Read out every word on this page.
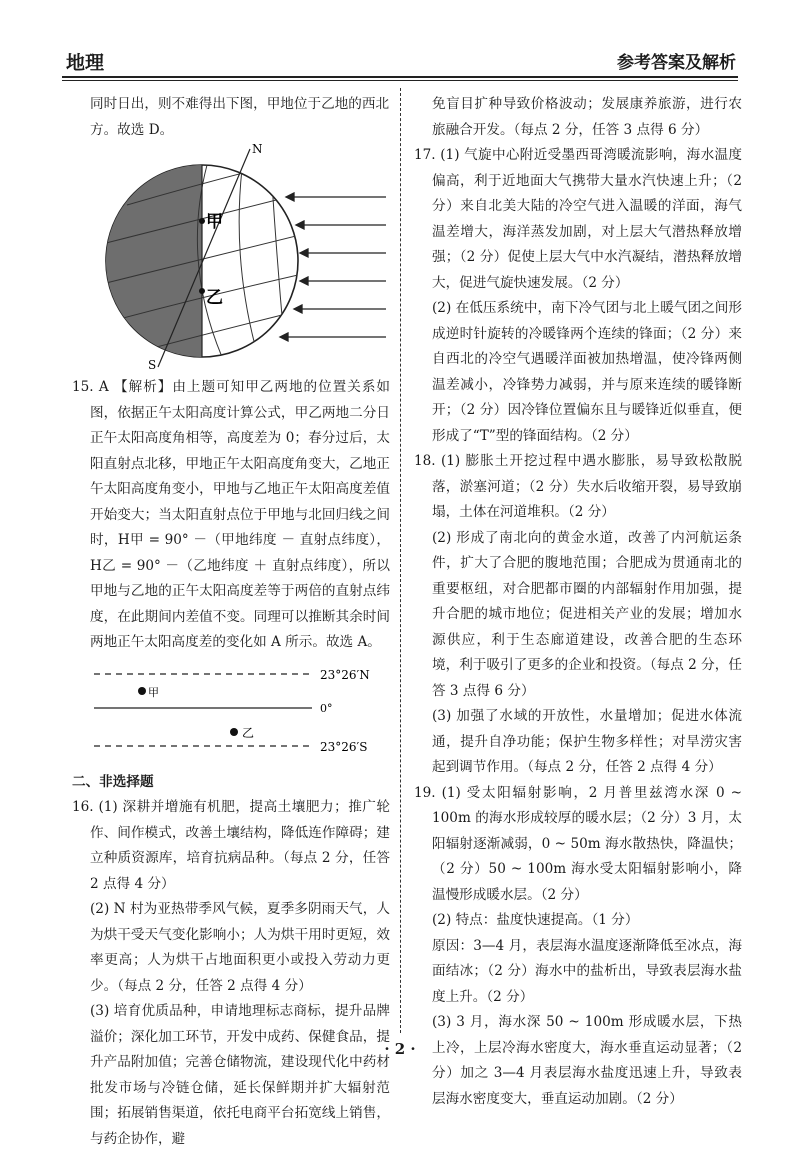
地理	参考答案及解析

同时日出，则不难得出下图，甲地位于乙地的西北

方。故选 D。

N
S
甲
乙

15. A 【解析】由上题可知甲乙两地的位置关系如图，依据正午太阳高度计算公式，甲乙两地二分日正午太阳高度角相等，高度差为 0；春分过后，太阳直射点北移，甲地正午太阳高度角变大，乙地正午太阳高度角变小，甲地与乙地正午太阳高度差值开始变大；当太阳直射点位于甲地与北回归线之间时，H甲 = 90° －（甲地纬度 － 直射点纬度），H乙 = 90° －（乙地纬度 ＋ 直射点纬度），所以甲地与乙地的正午太阳高度差等于两倍的直射点纬度，在此期间内差值不变。同理可以推断其余时间两地正午太阳高度差的变化如 A 所示。故选 A。

23°26′N
甲
0°
乙
23°26′S

二、非选择题

16. (1) 深耕并增施有机肥，提高土壤肥力；推广轮作、间作模式，改善土壤结构，降低连作障碍；建立种质资源库，培育抗病品种。（每点 2 分，任答 2 点得 4 分）

(2) N 村为亚热带季风气候，夏季多阴雨天气，人为烘干受天气变化影响小；人为烘干用时更短，效率更高；人为烘干占地面积更小或投入劳动力更少。（每点 2 分，任答 2 点得 4 分）

(3) 培育优质品种，申请地理标志商标，提升品牌溢价；深化加工环节，开发中成药、保健食品，提升产品附加值；完善仓储物流，建设现代化中药材批发市场与冷链仓储，延长保鲜期并扩大辐射范围；拓展销售渠道，依托电商平台拓宽线上销售，与药企协作，避

免盲目扩种导致价格波动；发展康养旅游，进行农旅融合开发。（每点 2 分，任答 3 点得 6 分）

17. (1) 气旋中心附近受墨西哥湾暖流影响，海水温度偏高，利于近地面大气携带大量水汽快速上升；（2 分）来自北美大陆的冷空气进入温暖的洋面，海气温差增大，海洋蒸发加剧，对上层大气潜热释放增强；（2 分）促使上层大气中水汽凝结，潜热释放增大，促进气旋快速发展。（2 分）

(2) 在低压系统中，南下冷气团与北上暖气团之间形成逆时针旋转的冷暖锋两个连续的锋面；（2 分）来自西北的冷空气遇暖洋面被加热增温，使冷锋两侧温差减小，冷锋势力减弱，并与原来连续的暖锋断开；（2 分）因冷锋位置偏东且与暖锋近似垂直，便形成了“T”型的锋面结构。（2 分）

18. (1) 膨胀土开挖过程中遇水膨胀，易导致松散脱落，淤塞河道；（2 分）失水后收缩开裂，易导致崩塌，土体在河道堆积。（2 分）

(2) 形成了南北向的黄金水道，改善了内河航运条件，扩大了合肥的腹地范围；合肥成为贯通南北的重要枢纽，对合肥都市圈的内部辐射作用加强，提升合肥的城市地位；促进相关产业的发展；增加水源供应，利于生态廊道建设，改善合肥的生态环境，利于吸引了更多的企业和投资。（每点 2 分，任答 3 点得 6 分）

(3) 加强了水域的开放性，水量增加；促进水体流通，提升自净功能；保护生物多样性；对旱涝灾害起到调节作用。（每点 2 分，任答 2 点得 4 分）

19. (1) 受太阳辐射影响，2 月普里兹湾水深 0 ~ 100m 的海水形成较厚的暖水层；（2 分）3 月，太阳辐射逐渐减弱，0 ~ 50m 海水散热快，降温快；（2 分）50 ~ 100m 海水受太阳辐射影响小，降温慢形成暖水层。（2 分）

(2) 特点：盐度快速提高。（1 分）

原因：3—4 月，表层海水温度逐渐降低至冰点，海面结冰；（2 分）海水中的盐析出，导致表层海水盐度上升。（2 分）

(3) 3 月，海水深 50 ~ 100m 形成暖水层，下热上冷，上层冷海水密度大，海水垂直运动显著；（2 分）加之 3—4 月表层海水盐度迅速上升，导致表层海水密度变大，垂直运动加剧。（2 分）

· 2 ·
